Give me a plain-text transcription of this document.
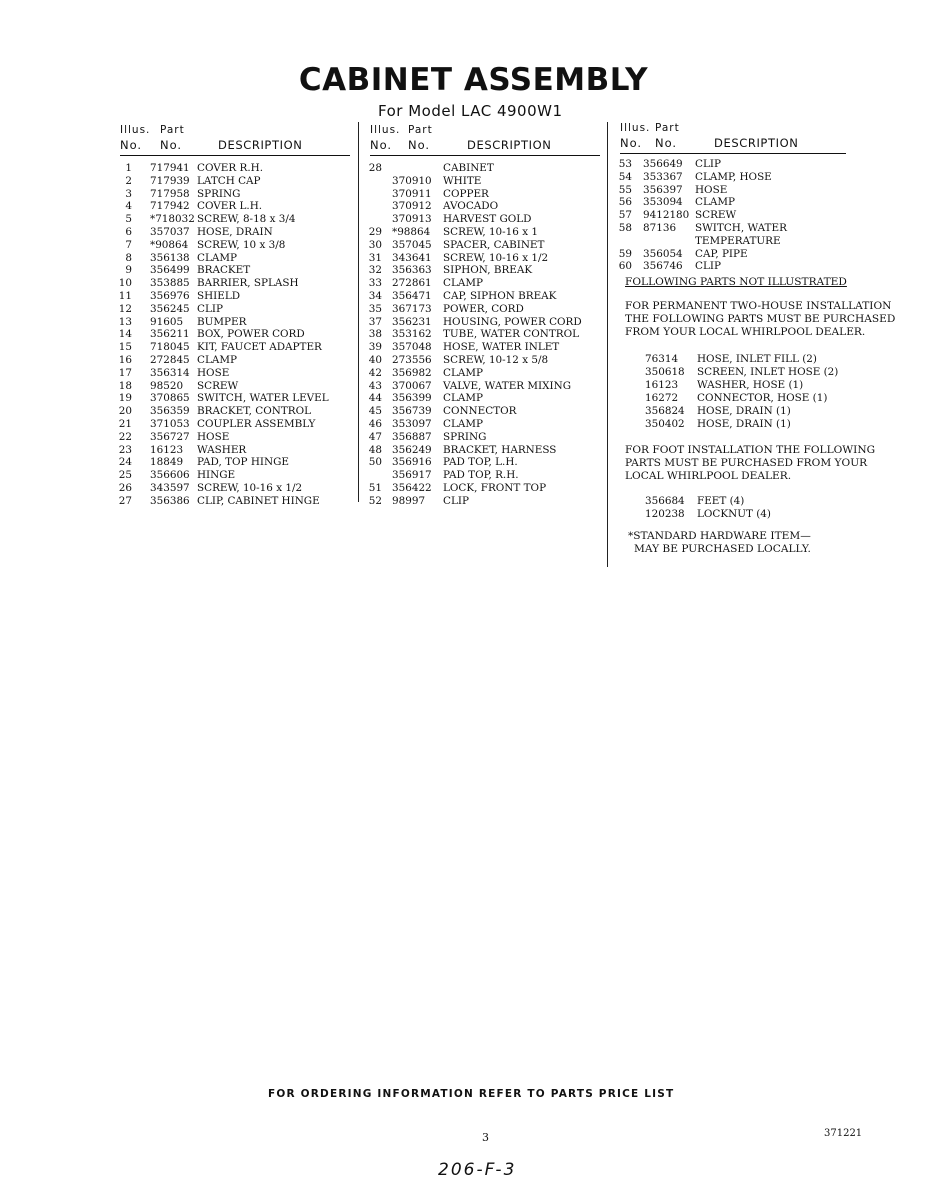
CABINET ASSEMBLY
For Model LAC 4900W1
Illus. Part
No. No.	DESCRIPTION
1 717941 COVER R.H.
2 717939 LATCH CAP
3 717958 SPRING
4 717942 COVER L.H.
5 *718032 SCREW, 8-18 x 3/4
6 357037 HOSE, DRAIN
7 *90864 SCREW, 10 x 3/8
8 356138 CLAMP
9 356499 BRACKET
10 353885 BARRIER, SPLASH
11 356976 SHIELD
12 356245 CLIP
13 91605 BUMPER
14 356211 BOX, POWER CORD
15 718045 KIT, FAUCET ADAPTER
16 272845 CLAMP
17 356314 HOSE
18 98520 SCREW
19 370865 SWITCH, WATER LEVEL
20 356359 BRACKET, CONTROL
21 371053 COUPLER ASSEMBLY
22 356727 HOSE
23 16123 WASHER
24 18849 PAD, TOP HINGE
25 356606 HINGE
26 343597 SCREW, 10-16 x 1/2
27 356386 CLIP, CABINET HINGE
Illus. Part
No. No.	DESCRIPTION
28	CABINET
370910 WHITE
370911 COPPER
370912 AVOCADO
370913 HARVEST GOLD
29 *98864 SCREW, 10-16 x 1
30 357045 SPACER, CABINET
31 343641 SCREW, 10-16 x 1/2
32 356363 SIPHON, BREAK
33 272861 CLAMP
34 356471 CAP, SIPHON BREAK
35 367173 POWER, CORD
37 356231 HOUSING, POWER CORD
38 353162 TUBE, WATER CONTROL
39 357048 HOSE, WATER INLET
40 273556 SCREW, 10-12 x 5/8
42 356982 CLAMP
43 370067 VALVE, WATER MIXING
44 356399 CLAMP
45 356739 CONNECTOR
46 353097 CLAMP
47 356887 SPRING
48 356249 BRACKET, HARNESS
50 356916 PAD TOP, L.H.
356917 PAD TOP, R.H.
51 356422 LOCK, FRONT TOP
52 98997 CLIP
Illus. Part
No. No.	DESCRIPTION
53 356649 CLIP
54 353367 CLAMP, HOSE
55 356397 HOSE
56 353094 CLAMP
57 9412180 SCREW
58 87136 SWITCH, WATER
TEMPERATURE
59 356054 CAP, PIPE
60 356746 CLIP
FOLLOWING PARTS NOT ILLUSTRATED
FOR PERMANENT TWO-HOUSE INSTALLATION
THE FOLLOWING PARTS MUST BE PURCHASED
FROM YOUR LOCAL WHIRLPOOL DEALER.
76314 HOSE, INLET FILL (2)
350618 SCREEN, INLET HOSE (2)
16123 WASHER, HOSE (1)
16272 CONNECTOR, HOSE (1)
356824 HOSE, DRAIN (1)
350402 HOSE, DRAIN (1)
FOR FOOT INSTALLATION THE FOLLOWING
PARTS MUST BE PURCHASED FROM YOUR
LOCAL WHIRLPOOL DEALER.
356684 FEET (4)
120238 LOCKNUT (4)
*STANDARD HARDWARE ITEM—
MAY BE PURCHASED LOCALLY.
FOR ORDERING INFORMATION REFER TO PARTS PRICE LIST
3	371221
206-F-3
